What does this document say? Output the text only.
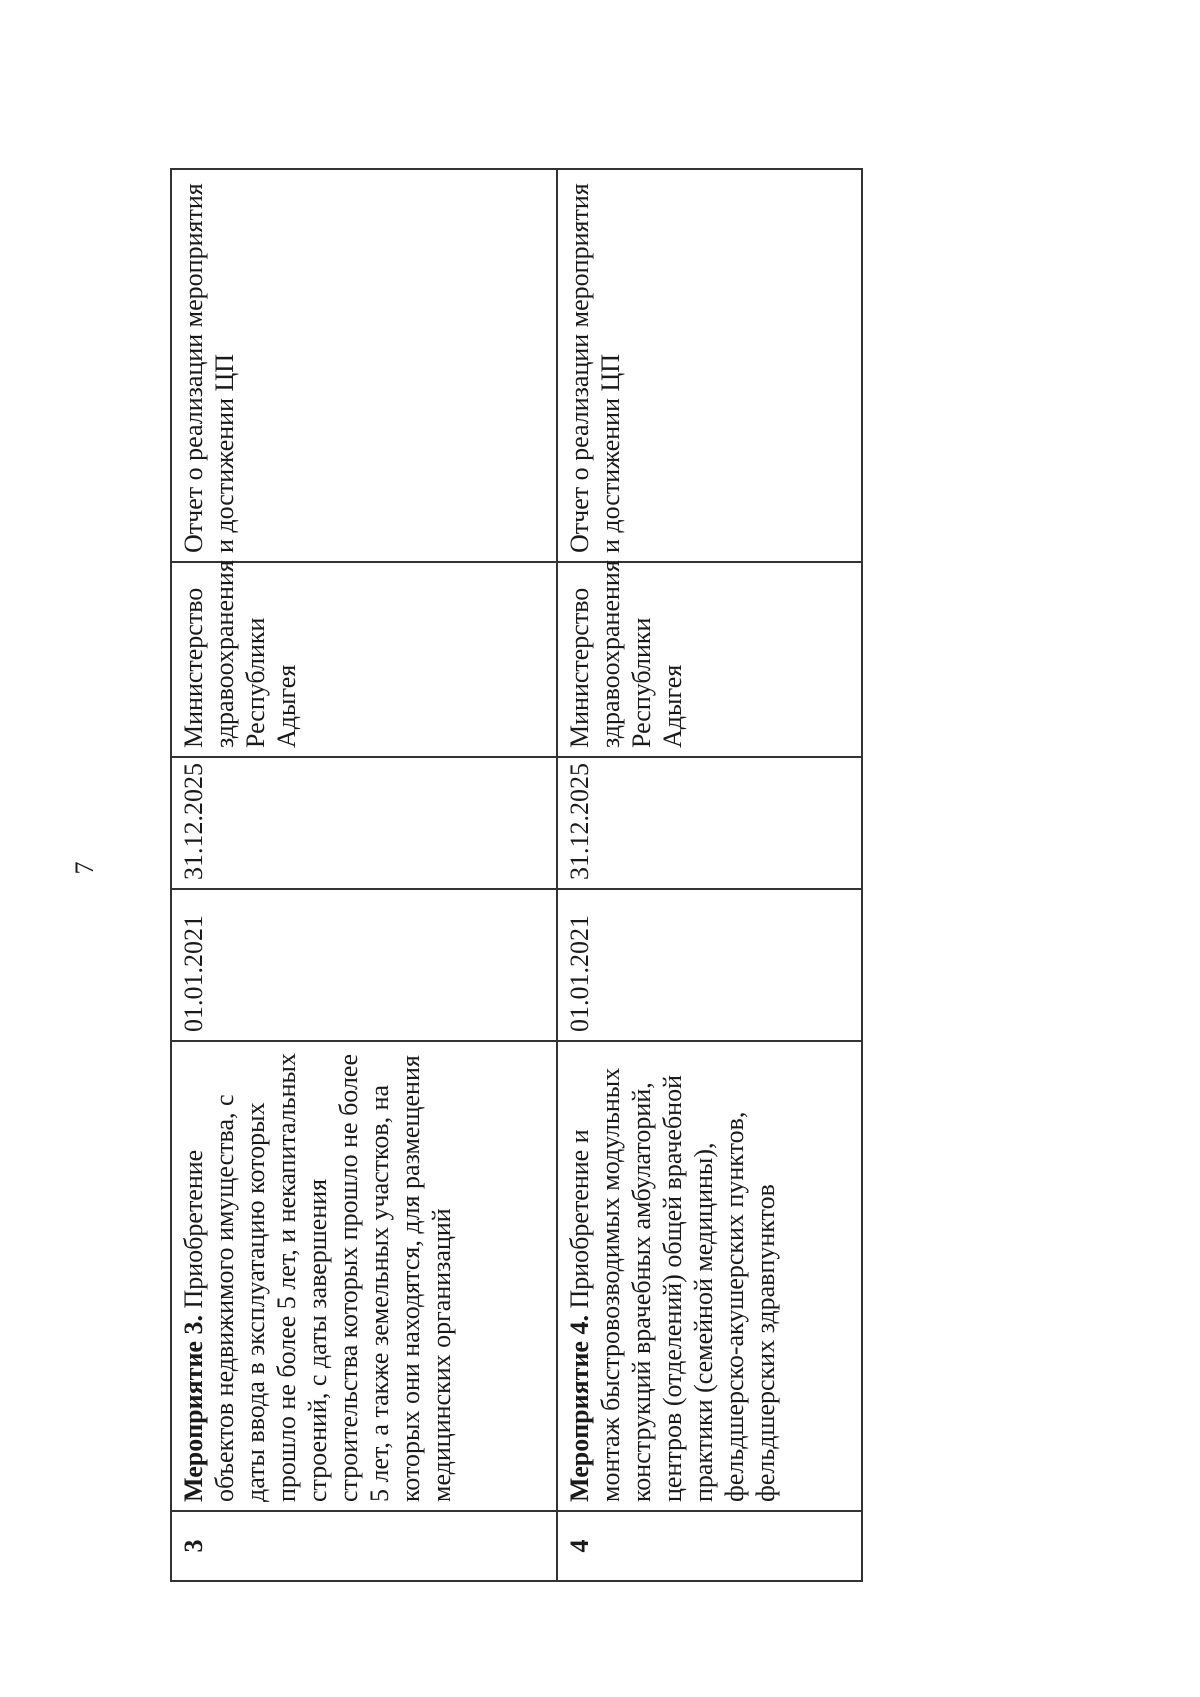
7
3	Мероприятие 3. Приобретение объектов недвижимого имущества, с даты ввода в эксплуатацию которых прошло не более 5 лет, и некапитальных строений, с даты завершения строительства которых прошло не более 5 лет, а также земельных участков, на которых они находятся, для размещения медицинских организаций	01.01.2021	31.12.2025	Министерство здравоохранения Республики Адыгея	Отчет о реализации мероприятия и достижении ЦП
4	Мероприятие 4. Приобретение и монтаж быстровозводимых модульных конструкций врачебных амбулаторий, центров (отделений) общей врачебной практики (семейной медицины), фельдшерско-акушерских пунктов, фельдшерских здравпунктов	01.01.2021	31.12.2025	Министерство здравоохранения Республики Адыгея	Отчет о реализации мероприятия и достижении ЦП
